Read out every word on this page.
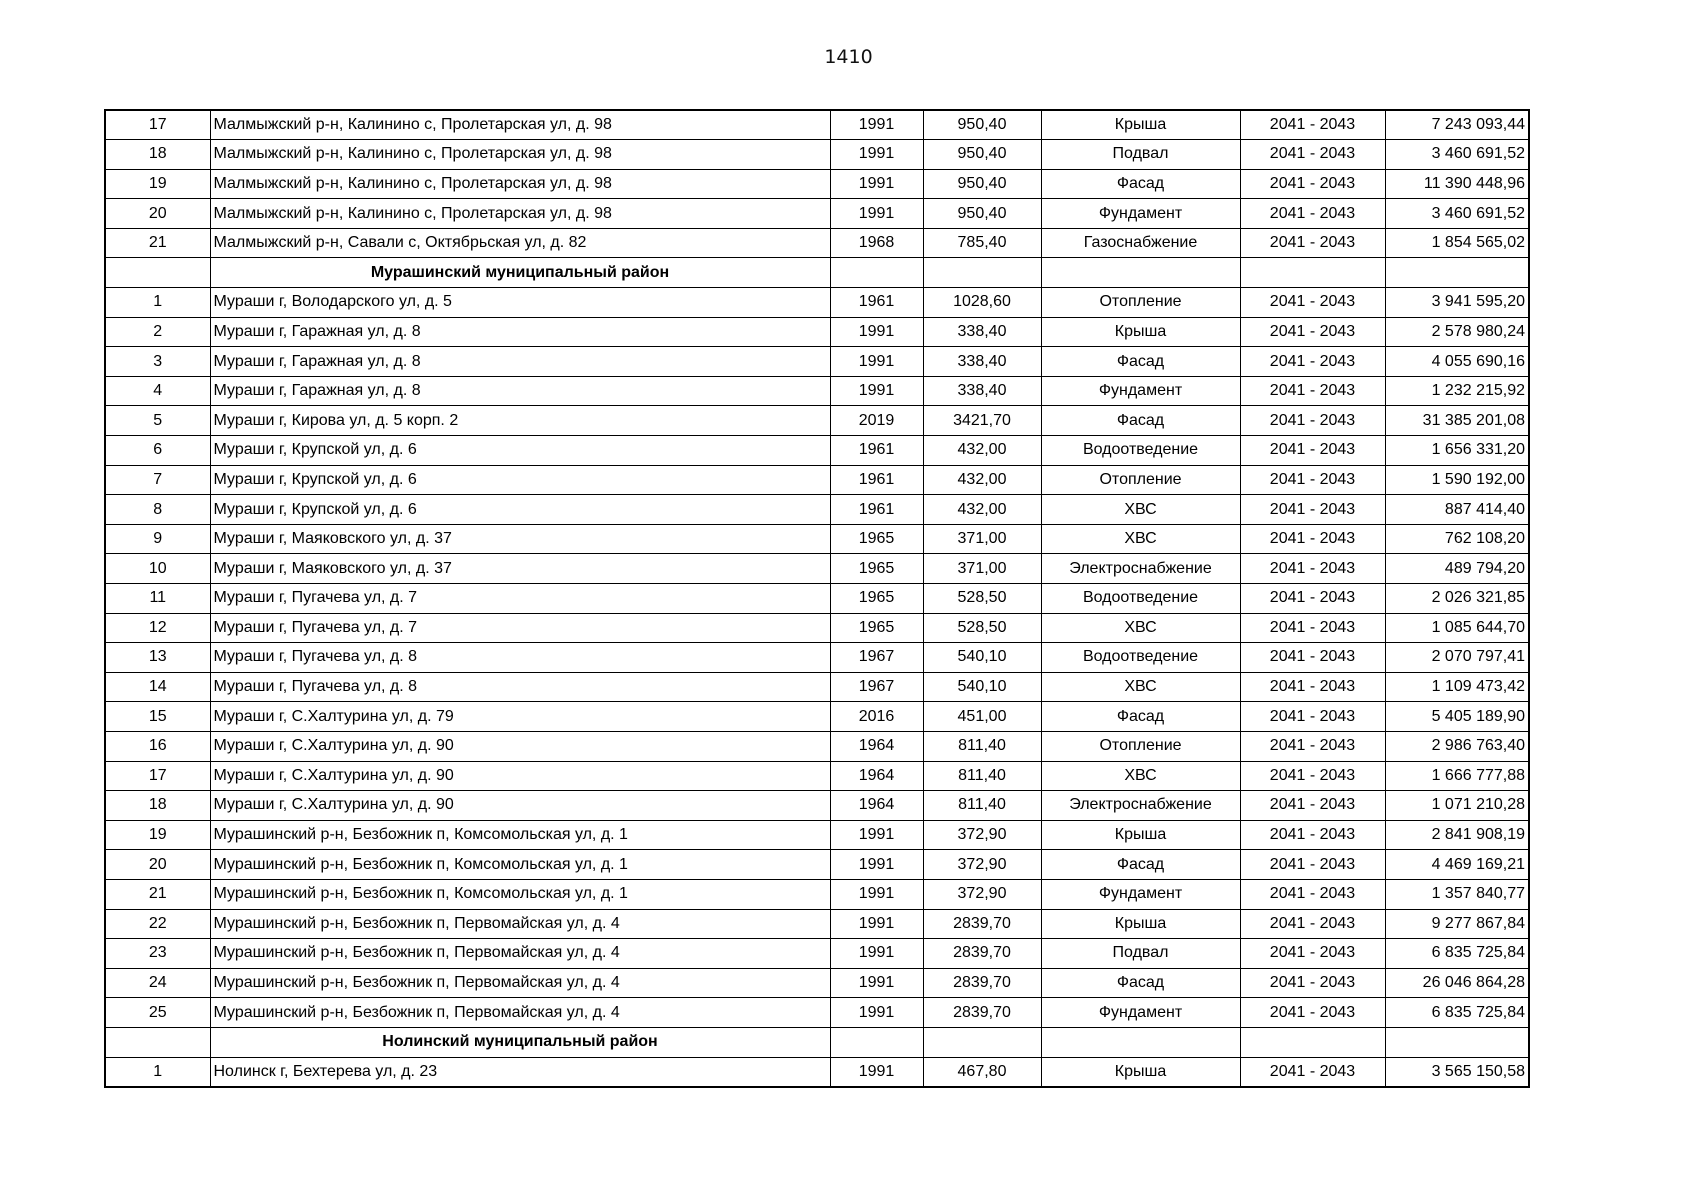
1410
17	Малмыжский р-н, Калинино с, Пролетарская ул, д. 98	1991	950,40	Крыша	2041 - 2043	7 243 093,44
18	Малмыжский р-н, Калинино с, Пролетарская ул, д. 98	1991	950,40	Подвал	2041 - 2043	3 460 691,52
19	Малмыжский р-н, Калинино с, Пролетарская ул, д. 98	1991	950,40	Фасад	2041 - 2043	11 390 448,96
20	Малмыжский р-н, Калинино с, Пролетарская ул, д. 98	1991	950,40	Фундамент	2041 - 2043	3 460 691,52
21	Малмыжский р-н, Савали с, Октябрьская ул, д. 82	1968	785,40	Газоснабжение	2041 - 2043	1 854 565,02
	Мурашинский муниципальный район					
1	Мураши г, Володарского ул, д. 5	1961	1028,60	Отопление	2041 - 2043	3 941 595,20
2	Мураши г, Гаражная ул, д. 8	1991	338,40	Крыша	2041 - 2043	2 578 980,24
3	Мураши г, Гаражная ул, д. 8	1991	338,40	Фасад	2041 - 2043	4 055 690,16
4	Мураши г, Гаражная ул, д. 8	1991	338,40	Фундамент	2041 - 2043	1 232 215,92
5	Мураши г, Кирова ул, д. 5 корп. 2	2019	3421,70	Фасад	2041 - 2043	31 385 201,08
6	Мураши г, Крупской ул, д. 6	1961	432,00	Водоотведение	2041 - 2043	1 656 331,20
7	Мураши г, Крупской ул, д. 6	1961	432,00	Отопление	2041 - 2043	1 590 192,00
8	Мураши г, Крупской ул, д. 6	1961	432,00	ХВС	2041 - 2043	887 414,40
9	Мураши г, Маяковского ул, д. 37	1965	371,00	ХВС	2041 - 2043	762 108,20
10	Мураши г, Маяковского ул, д. 37	1965	371,00	Электроснабжение	2041 - 2043	489 794,20
11	Мураши г, Пугачева ул, д. 7	1965	528,50	Водоотведение	2041 - 2043	2 026 321,85
12	Мураши г, Пугачева ул, д. 7	1965	528,50	ХВС	2041 - 2043	1 085 644,70
13	Мураши г, Пугачева ул, д. 8	1967	540,10	Водоотведение	2041 - 2043	2 070 797,41
14	Мураши г, Пугачева ул, д. 8	1967	540,10	ХВС	2041 - 2043	1 109 473,42
15	Мураши г, С.Халтурина ул, д. 79	2016	451,00	Фасад	2041 - 2043	5 405 189,90
16	Мураши г, С.Халтурина ул, д. 90	1964	811,40	Отопление	2041 - 2043	2 986 763,40
17	Мураши г, С.Халтурина ул, д. 90	1964	811,40	ХВС	2041 - 2043	1 666 777,88
18	Мураши г, С.Халтурина ул, д. 90	1964	811,40	Электроснабжение	2041 - 2043	1 071 210,28
19	Мурашинский р-н, Безбожник п, Комсомольская ул, д. 1	1991	372,90	Крыша	2041 - 2043	2 841 908,19
20	Мурашинский р-н, Безбожник п, Комсомольская ул, д. 1	1991	372,90	Фасад	2041 - 2043	4 469 169,21
21	Мурашинский р-н, Безбожник п, Комсомольская ул, д. 1	1991	372,90	Фундамент	2041 - 2043	1 357 840,77
22	Мурашинский р-н, Безбожник п, Первомайская ул, д. 4	1991	2839,70	Крыша	2041 - 2043	9 277 867,84
23	Мурашинский р-н, Безбожник п, Первомайская ул, д. 4	1991	2839,70	Подвал	2041 - 2043	6 835 725,84
24	Мурашинский р-н, Безбожник п, Первомайская ул, д. 4	1991	2839,70	Фасад	2041 - 2043	26 046 864,28
25	Мурашинский р-н, Безбожник п, Первомайская ул, д. 4	1991	2839,70	Фундамент	2041 - 2043	6 835 725,84
	Нолинский муниципальный район					
1	Нолинск г, Бехтерева ул, д. 23	1991	467,80	Крыша	2041 - 2043	3 565 150,58
